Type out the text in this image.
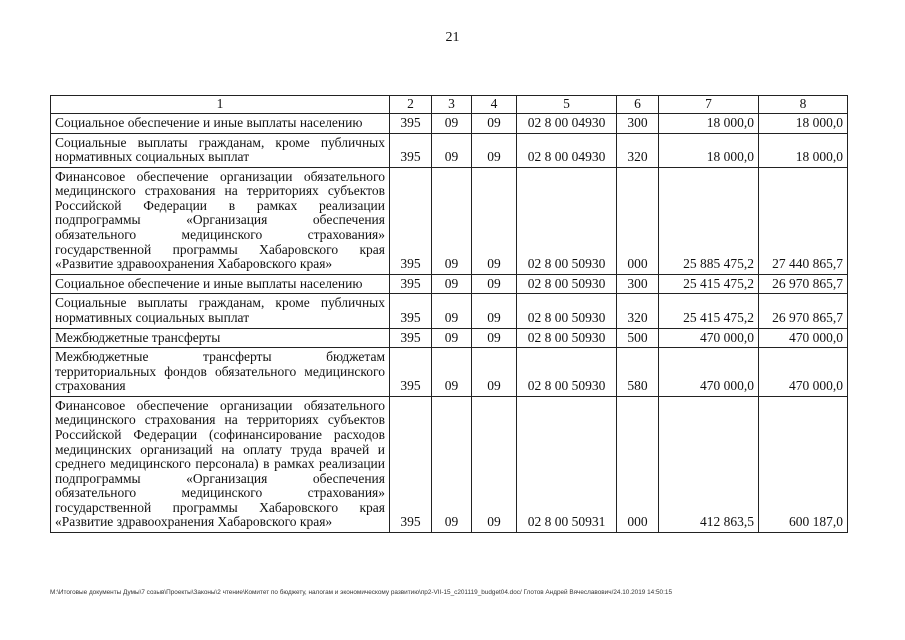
21
1	2	3	4	5	6	7	8
Социальное обеспечение и иные выплаты населению	395	09	09	02 8 00 04930	300	18 000,0	18 000,0
Социальные выплаты гражданам, кроме публичных нормативных социальных выплат	395	09	09	02 8 00 04930	320	18 000,0	18 000,0
Финансовое обеспечение организации обязательного медицинского страхования на территориях субъектов Российской Федерации в рамках реализации подпрограммы «Организация обеспечения обязательного медицинского страхования» государственной программы Хабаровского края «Развитие здравоохранения Хабаровского края»	395	09	09	02 8 00 50930	000	25 885 475,2	27 440 865,7
Социальное обеспечение и иные выплаты населению	395	09	09	02 8 00 50930	300	25 415 475,2	26 970 865,7
Социальные выплаты гражданам, кроме публичных нормативных социальных выплат	395	09	09	02 8 00 50930	320	25 415 475,2	26 970 865,7
Межбюджетные трансферты	395	09	09	02 8 00 50930	500	470 000,0	470 000,0
Межбюджетные трансферты бюджетам территориальных фондов обязательного медицинского страхования	395	09	09	02 8 00 50930	580	470 000,0	470 000,0
Финансовое обеспечение организации обязательного медицинского страхования на территориях субъектов Российской Федерации (софинансирование расходов медицинских организаций на оплату труда врачей и среднего медицинского персонала) в рамках реализации подпрограммы «Организация обеспечения обязательного медицинского страхования» государственной программы Хабаровского края «Развитие здравоохранения Хабаровского края»	395	09	09	02 8 00 50931	000	412 863,5	600 187,0
M:\Итоговые документы Думы\7 созыв\Проекты\Законы\2 чтение\Комитет по бюджету, налогам и экономическому развитию\пр2-VII-15_с201119_budget04.doc/ Глотов Андрей Вячеславович/24.10.2019 14:50:15
